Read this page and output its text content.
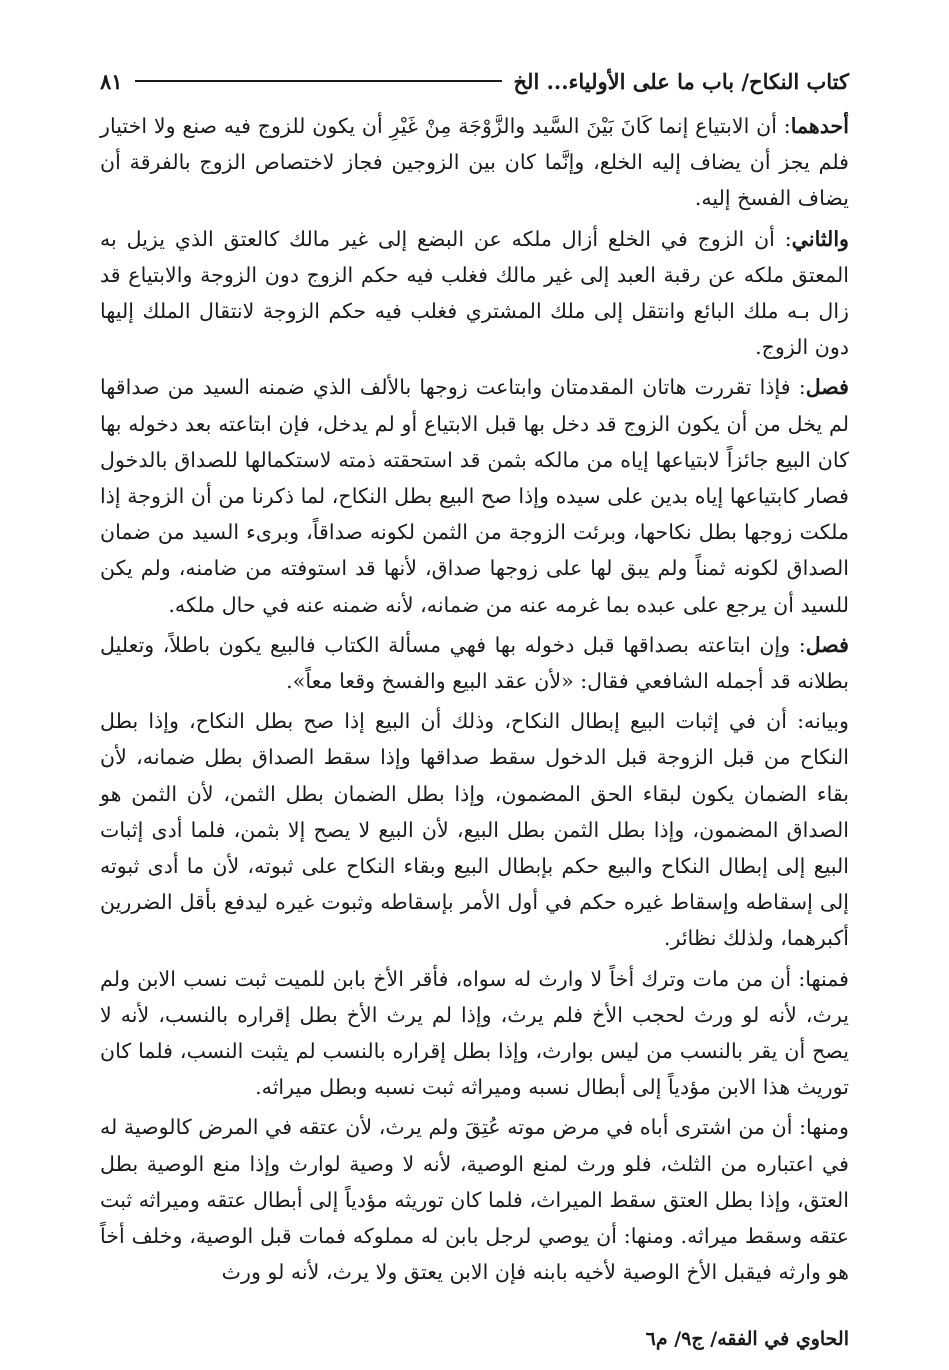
كتاب النكاح/ باب ما على الأولياء... الخ
٨١

أحدهما: أن الابتياع إنما كَانَ بَيْنَ السَّيد والزَّوْجَة مِنْ غَيْرِ أن يكون للزوج فيه صنع ولا اختيار فلم يجز أن يضاف إليه الخلع، وإنَّما كان بين الزوجين فجاز لاختصاص الزوج بالفرقة أن يضاف الفسخ إليه.

والثاني: أن الزوج في الخلع أزال ملكه عن البضع إلى غير مالك كالعتق الذي يزيل به المعتق ملكه عن رقبة العبد إلى غير مالك فغلب فيه حكم الزوج دون الزوجة والابتياع قد زال بـه ملك البائع وانتقل إلى ملك المشتري فغلب فيه حكم الزوجة لانتقال الملك إليها دون الزوج.

فصل: فإذا تقررت هاتان المقدمتان وابتاعت زوجها بالألف الذي ضمنه السيد من صداقها لم يخل من أن يكون الزوج قد دخل بها قبل الابتياع أو لم يدخل، فإن ابتاعته بعد دخوله بها كان البيع جائزاً لابتياعها إياه من مالكه بثمن قد استحقته ذمته لاستكمالها للصداق بالدخول فصار كابتياعها إياه بدين على سيده وإذا صح البيع بطل النكاح، لما ذكرنا من أن الزوجة إذا ملكت زوجها بطل نكاحها، وبرئت الزوجة من الثمن لكونه صداقاً، وبرىء السيد من ضمان الصداق لكونه ثمناً ولم يبق لها على زوجها صداق، لأنها قد استوفته من ضامنه، ولم يكن للسيد أن يرجع على عبده بما غرمه عنه من ضمانه، لأنه ضمنه عنه في حال ملكه.

فصل: وإن ابتاعته بصداقها قبل دخوله بها فهي مسألة الكتاب فالبيع يكون باطلاً، وتعليل بطلانه قد أجمله الشافعي فقال: «لأن عقد البيع والفسخ وقعا معاً».

وبيانه: أن في إثبات البيع إبطال النكاح، وذلك أن البيع إذا صح بطل النكاح، وإذا بطل النكاح من قبل الزوجة قبل الدخول سقط صداقها وإذا سقط الصداق بطل ضمانه، لأن بقاء الضمان يكون لبقاء الحق المضمون، وإذا بطل الضمان بطل الثمن، لأن الثمن هو الصداق المضمون، وإذا بطل الثمن بطل البيع، لأن البيع لا يصح إلا بثمن، فلما أدى إثبات البيع إلى إبطال النكاح والبيع حكم بإبطال البيع وبقاء النكاح على ثبوته، لأن ما أدى ثبوته إلى إسقاطه وإسقاط غيره حكم في أول الأمر بإسقاطه وثبوت غيره ليدفع بأقل الضررين أكبرهما، ولذلك نظائر.

فمنها: أن من مات وترك أخاً لا وارث له سواه، فأقر الأخ بابن للميت ثبت نسب الابن ولم يرث، لأنه لو ورث لحجب الأخ فلم يرث، وإذا لم يرث الأخ بطل إقراره بالنسب، لأنه لا يصح أن يقر بالنسب من ليس بوارث، وإذا بطل إقراره بالنسب لم يثبت النسب، فلما كان توريث هذا الابن مؤدياً إلى أبطال نسبه وميراثه ثبت نسبه وبطل ميراثه.

ومنها: أن من اشترى أباه في مرض موته عُتِقَ ولم يرث، لأن عتقه في المرض كالوصية له في اعتباره من الثلث، فلو ورث لمنع الوصية، لأنه لا وصية لوارث وإذا منع الوصية بطل العتق، وإذا بطل العتق سقط الميراث، فلما كان توريثه مؤدياً إلى أبطال عتقه وميراثه ثبت عتقه وسقط ميراثه. ومنها: أن يوصي لرجل بابن له مملوكه فمات قبل الوصية، وخلف أخاً هو وارثه فيقبل الأخ الوصية لأخيه بابنه فإن الابن يعتق ولا يرث، لأنه لو ورث

الحاوي في الفقه/ ج٩/ م٦
